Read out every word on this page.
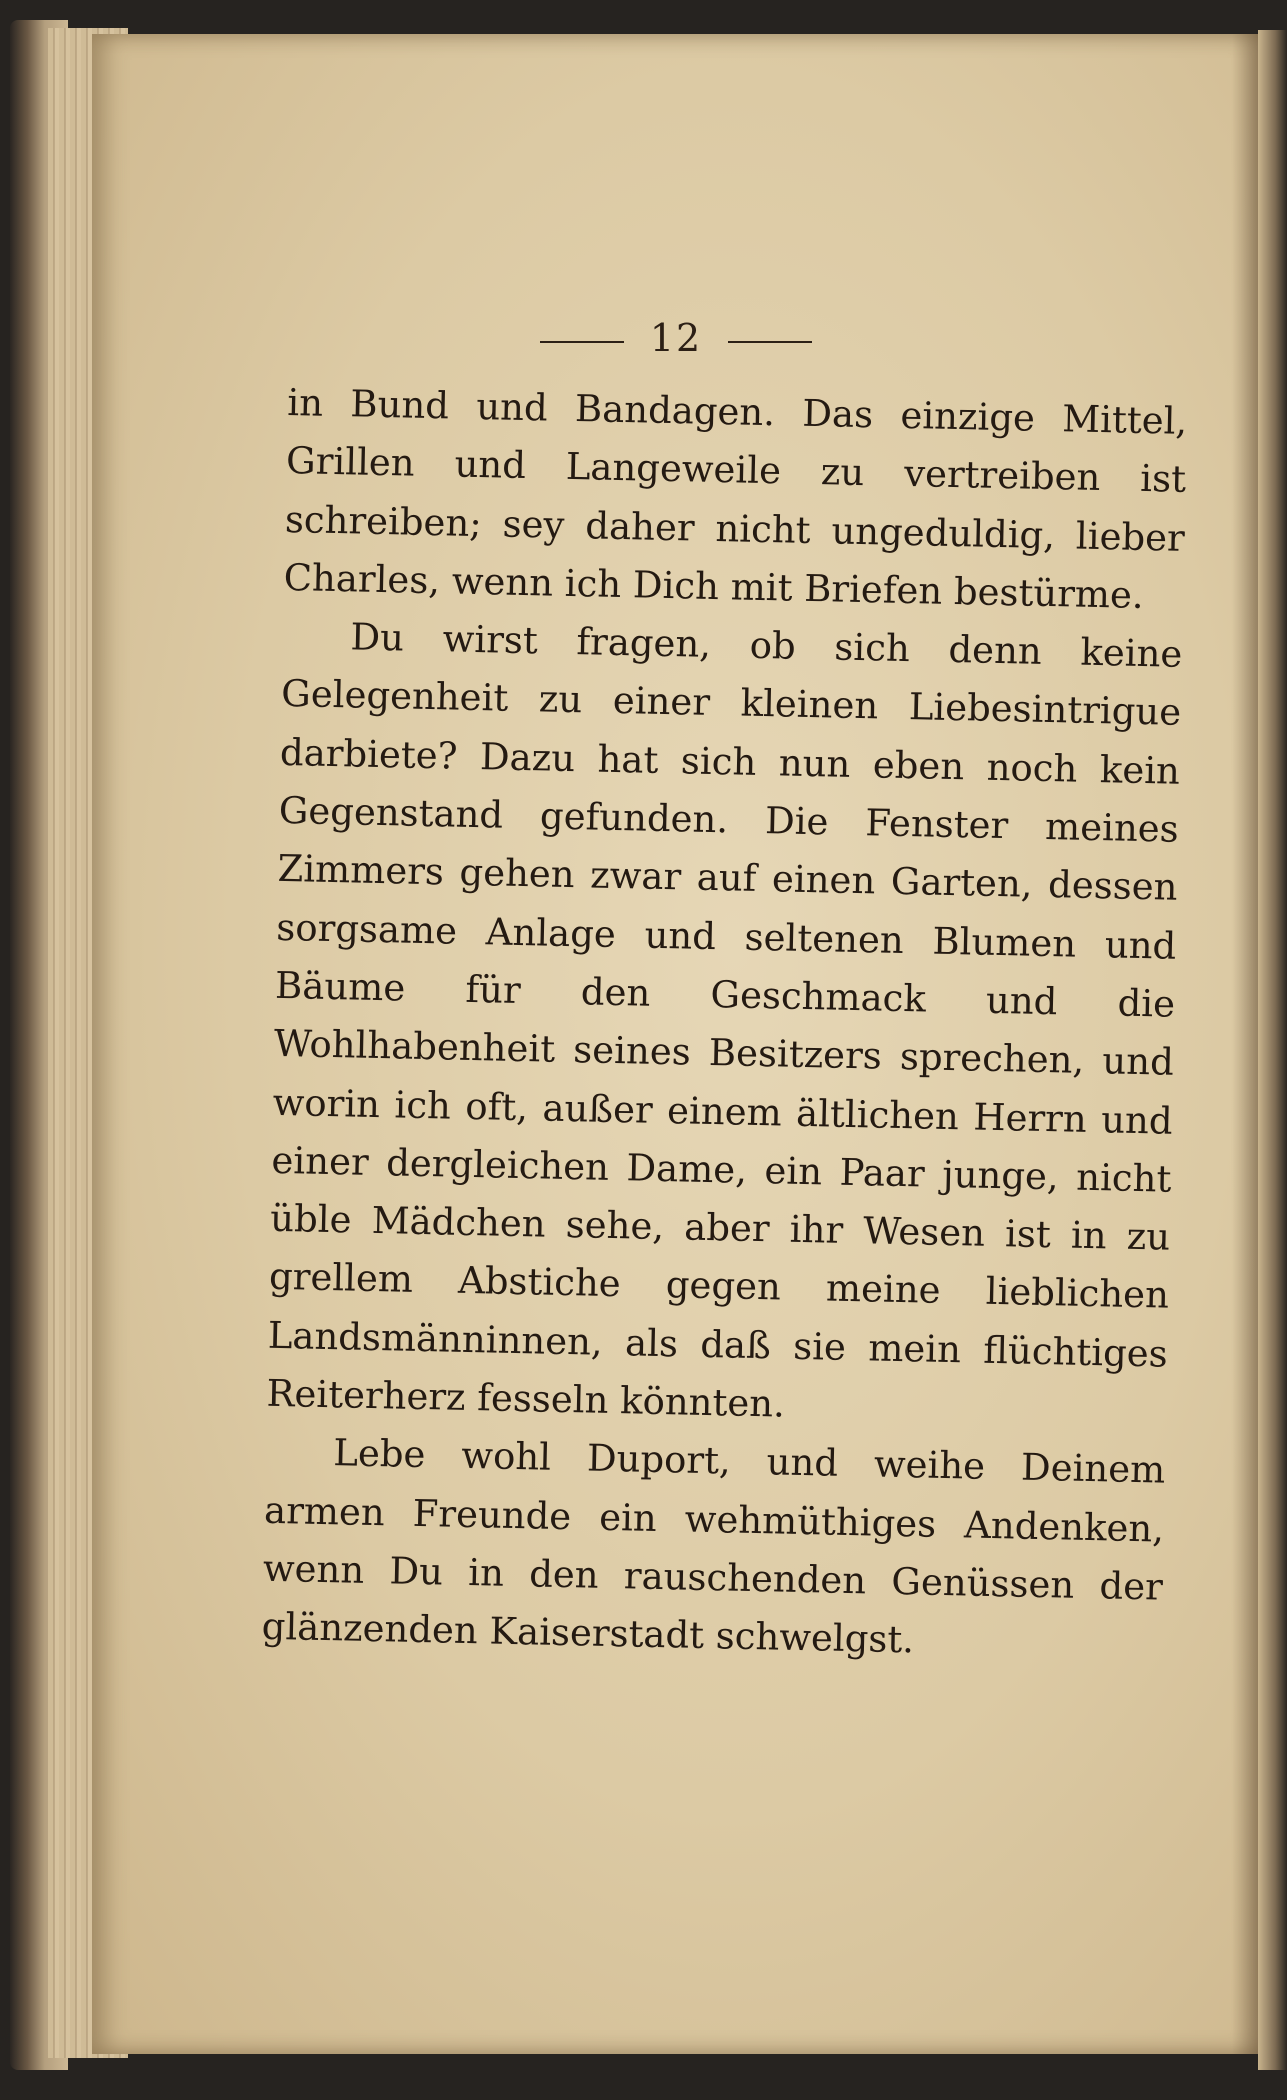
12

in Bund und Bandagen. Das einzige Mittel, Grillen und Langeweile zu vertreiben ist schreiben; sey daher nicht ungeduldig, lieber Charles, wenn ich Dich mit Briefen bestürme.

Du wirst fragen, ob sich denn keine Gelegenheit zu einer kleinen Liebesintrigue darbiete? Dazu hat sich nun eben noch kein Gegenstand gefunden. Die Fenster meines Zimmers gehen zwar auf einen Garten, dessen sorgsame Anlage und seltenen Blumen und Bäume für den Geschmack und die Wohlhabenheit seines Besitzers sprechen, und worin ich oft, außer einem ältlichen Herrn und einer dergleichen Dame, ein Paar junge, nicht üble Mädchen sehe, aber ihr Wesen ist in zu grellem Abstiche gegen meine lieblichen Landsmänninnen, als daß sie mein flüchtiges Reiterherz fesseln könnten.

Lebe wohl Duport, und weihe Deinem armen Freunde ein wehmüthiges Andenken, wenn Du in den rauschenden Genüssen der glänzenden Kaiserstadt schwelgst.
